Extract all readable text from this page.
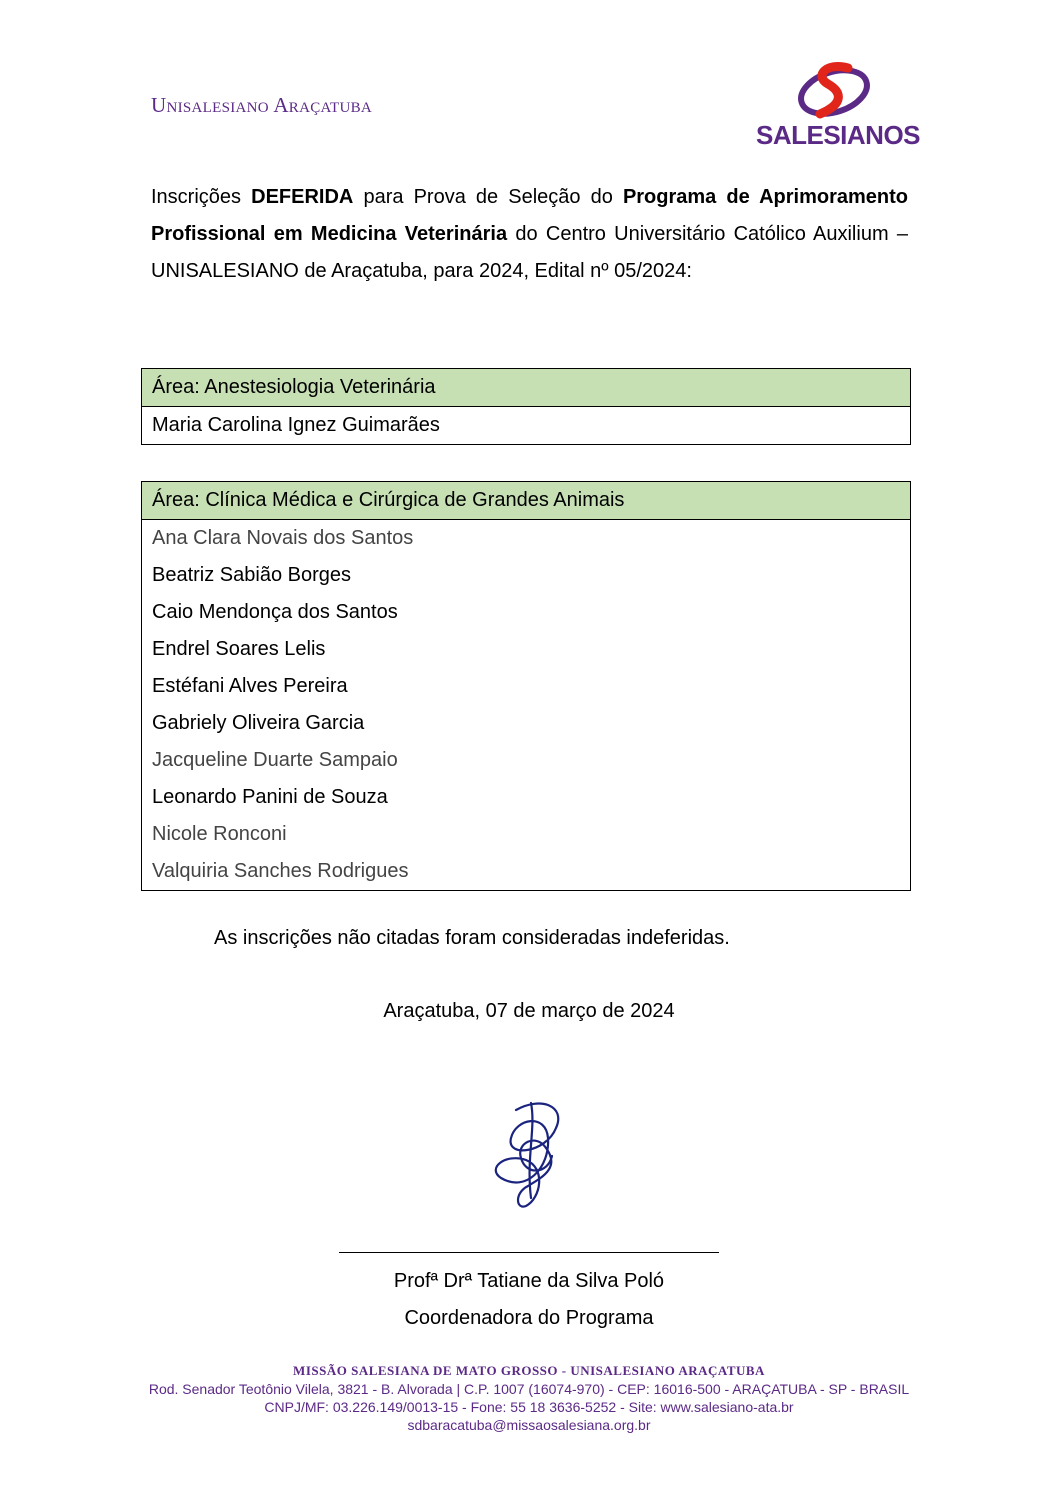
Unisalesiano Araçatuba
SALESIANOS
Inscrições DEFERIDA para Prova de Seleção do Programa de Aprimoramento Profissional em Medicina Veterinária do Centro Universitário Católico Auxilium – UNISALESIANO de Araçatuba, para 2024, Edital nº 05/2024:
Área: Anestesiologia Veterinária
Maria Carolina Ignez Guimarães
Área: Clínica Médica e Cirúrgica de Grandes Animais
Ana Clara Novais dos Santos
Beatriz Sabião Borges
Caio Mendonça dos Santos
Endrel Soares Lelis
Estéfani Alves Pereira
Gabriely Oliveira Garcia
Jacqueline Duarte Sampaio
Leonardo Panini de Souza
Nicole Ronconi
Valquiria Sanches Rodrigues
As inscrições não citadas foram consideradas indeferidas.
Araçatuba, 07 de março de 2024
Profª Drª Tatiane da Silva Poló
Coordenadora do Programa
MISSÃO SALESIANA DE MATO GROSSO - UNISALESIANO ARAÇATUBA
Rod. Senador Teotônio Vilela, 3821 - B. Alvorada | C.P. 1007 (16074-970) - CEP: 16016-500 - ARAÇATUBA - SP - BRASIL
CNPJ/MF: 03.226.149/0013-15 - Fone: 55 18 3636-5252 - Site: www.salesiano-ata.br
sdbaracatuba@missaosalesiana.org.br
